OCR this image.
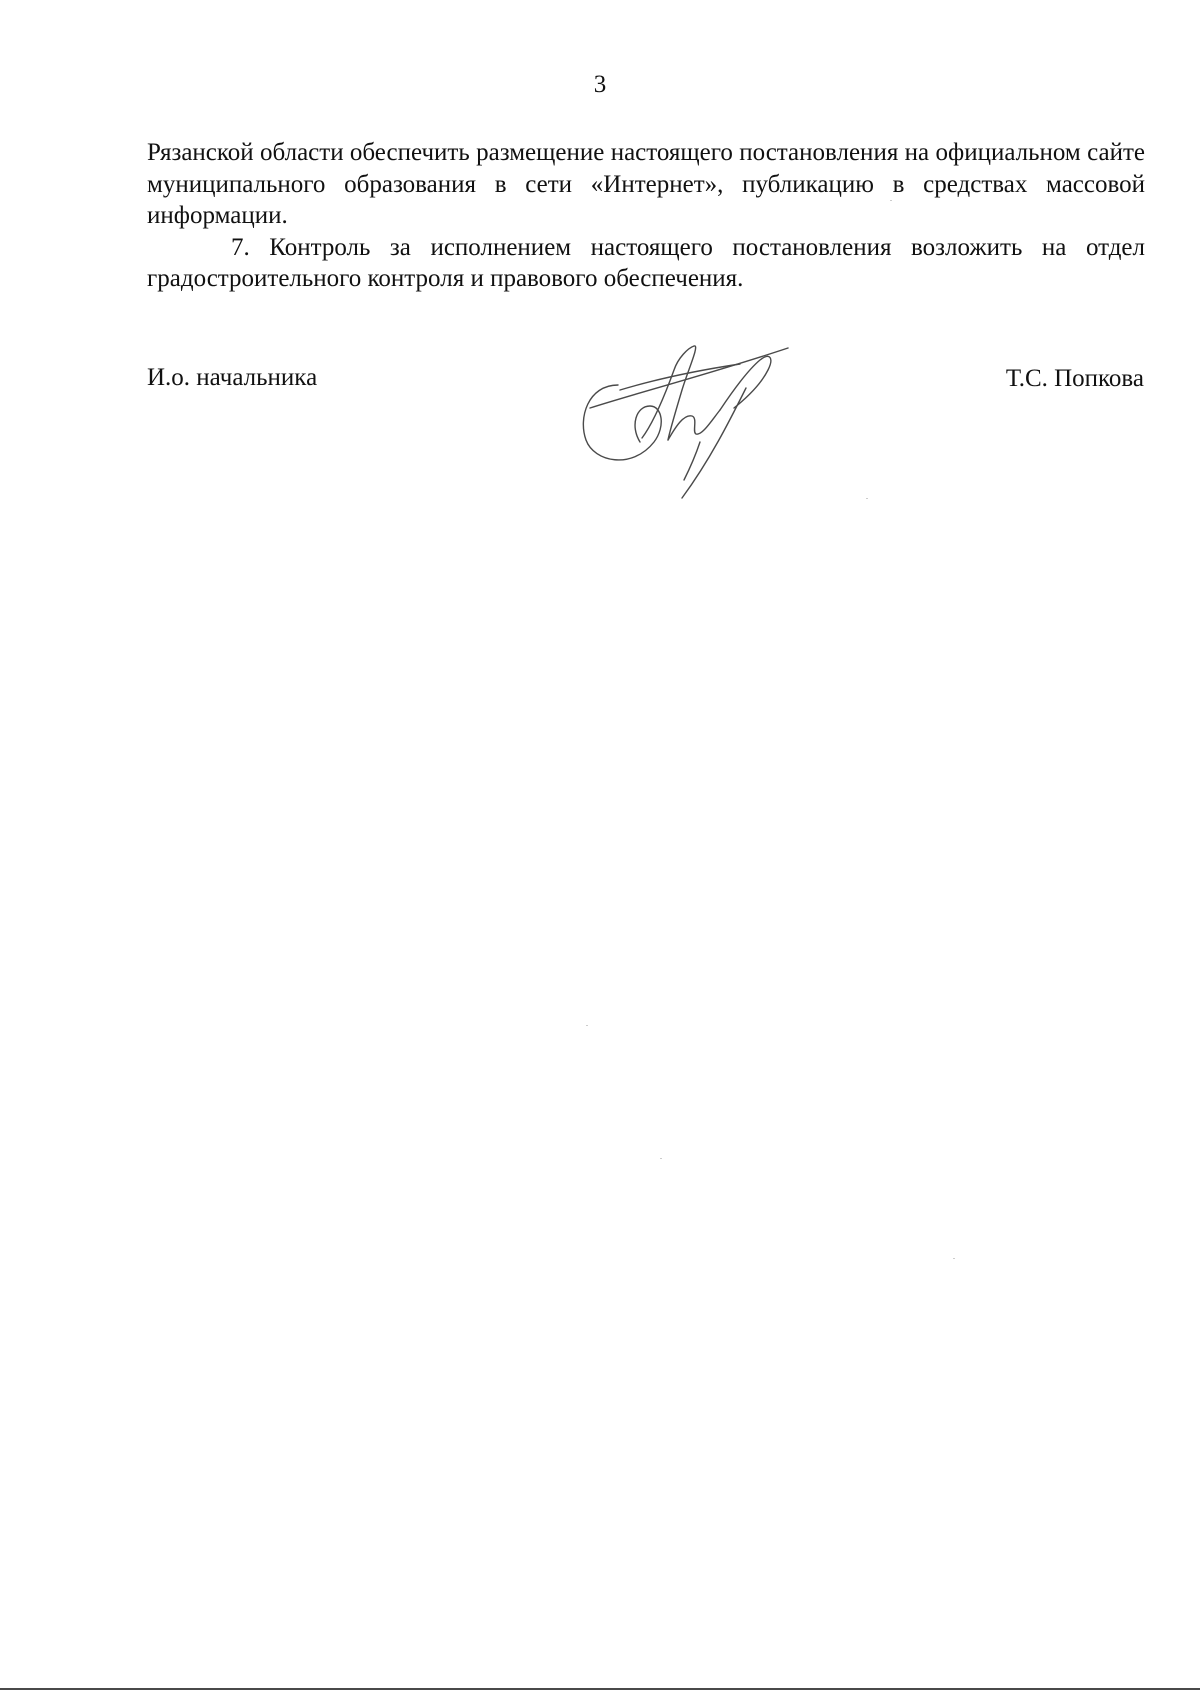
3

Рязанской области обеспечить размещение настоящего постановления на официальном сайте муниципального образования в сети «Интернет», публикацию в средствах массовой информации.

7. Контроль за исполнением настоящего постановления возложить на отдел градостроительного контроля и правового обеспечения.

И.о. начальника	Т.С. Попкова
